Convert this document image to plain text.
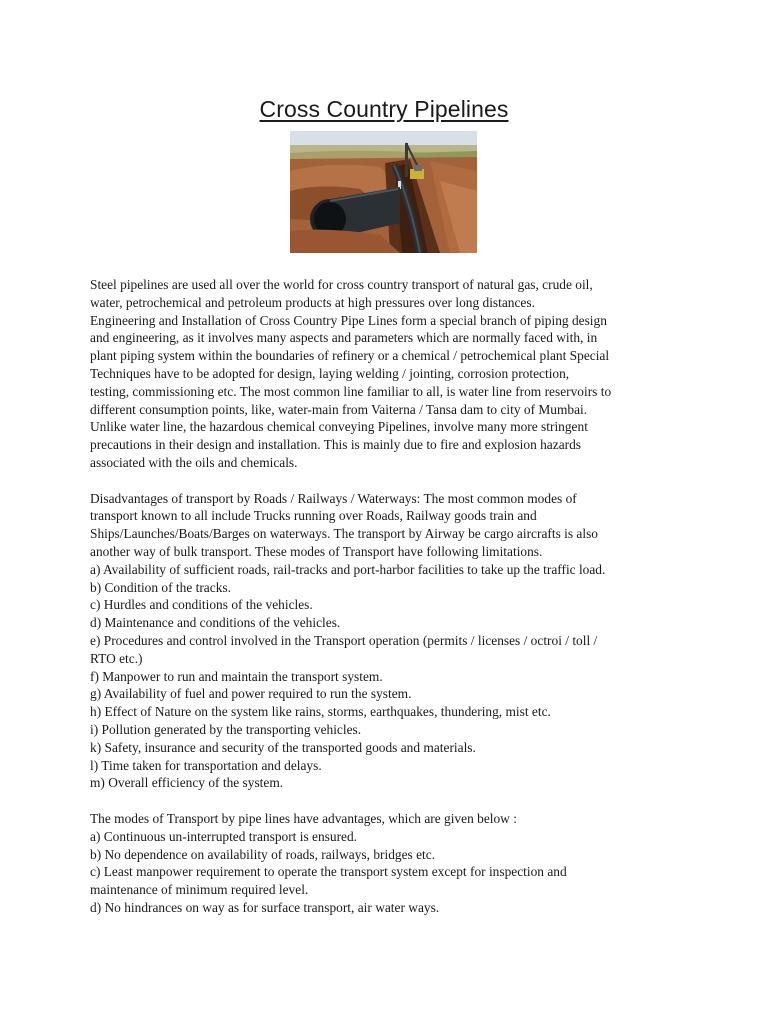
Cross Country Pipelines
Steel pipelines are used all over the world for cross country transport of natural gas, crude oil,
water, petrochemical and petroleum products at high pressures over long distances.
Engineering and Installation of Cross Country Pipe Lines form a special branch of piping design
and engineering, as it involves many aspects and parameters which are normally faced with, in
plant piping system within the boundaries of refinery or a chemical / petrochemical plant Special
Techniques have to be adopted for design, laying welding / jointing, corrosion protection,
testing, commissioning etc. The most common line familiar to all, is water line from reservoirs to
different consumption points, like, water-main from Vaiterna / Tansa dam to city of Mumbai.
Unlike water line, the hazardous chemical conveying Pipelines, involve many more stringent
precautions in their design and installation. This is mainly due to fire and explosion hazards
associated with the oils and chemicals.
Disadvantages of transport by Roads / Railways / Waterways: The most common modes of
transport known to all include Trucks running over Roads, Railway goods train and
Ships/Launches/Boats/Barges on waterways. The transport by Airway be cargo aircrafts is also
another way of bulk transport. These modes of Transport have following limitations.
a) Availability of sufficient roads, rail-tracks and port-harbor facilities to take up the traffic load.
b) Condition of the tracks.
c) Hurdles and conditions of the vehicles.
d) Maintenance and conditions of the vehicles.
e) Procedures and control involved in the Transport operation (permits / licenses / octroi / toll /
RTO etc.)
f) Manpower to run and maintain the transport system.
g) Availability of fuel and power required to run the system.
h) Effect of Nature on the system like rains, storms, earthquakes, thundering, mist etc.
i) Pollution generated by the transporting vehicles.
k) Safety, insurance and security of the transported goods and materials.
l) Time taken for transportation and delays.
m) Overall efficiency of the system.
The modes of Transport by pipe lines have advantages, which are given below :
a) Continuous un-interrupted transport is ensured.
b) No dependence on availability of roads, railways, bridges etc.
c) Least manpower requirement to operate the transport system except for inspection and
maintenance of minimum required level.
d) No hindrances on way as for surface transport, air water ways.
